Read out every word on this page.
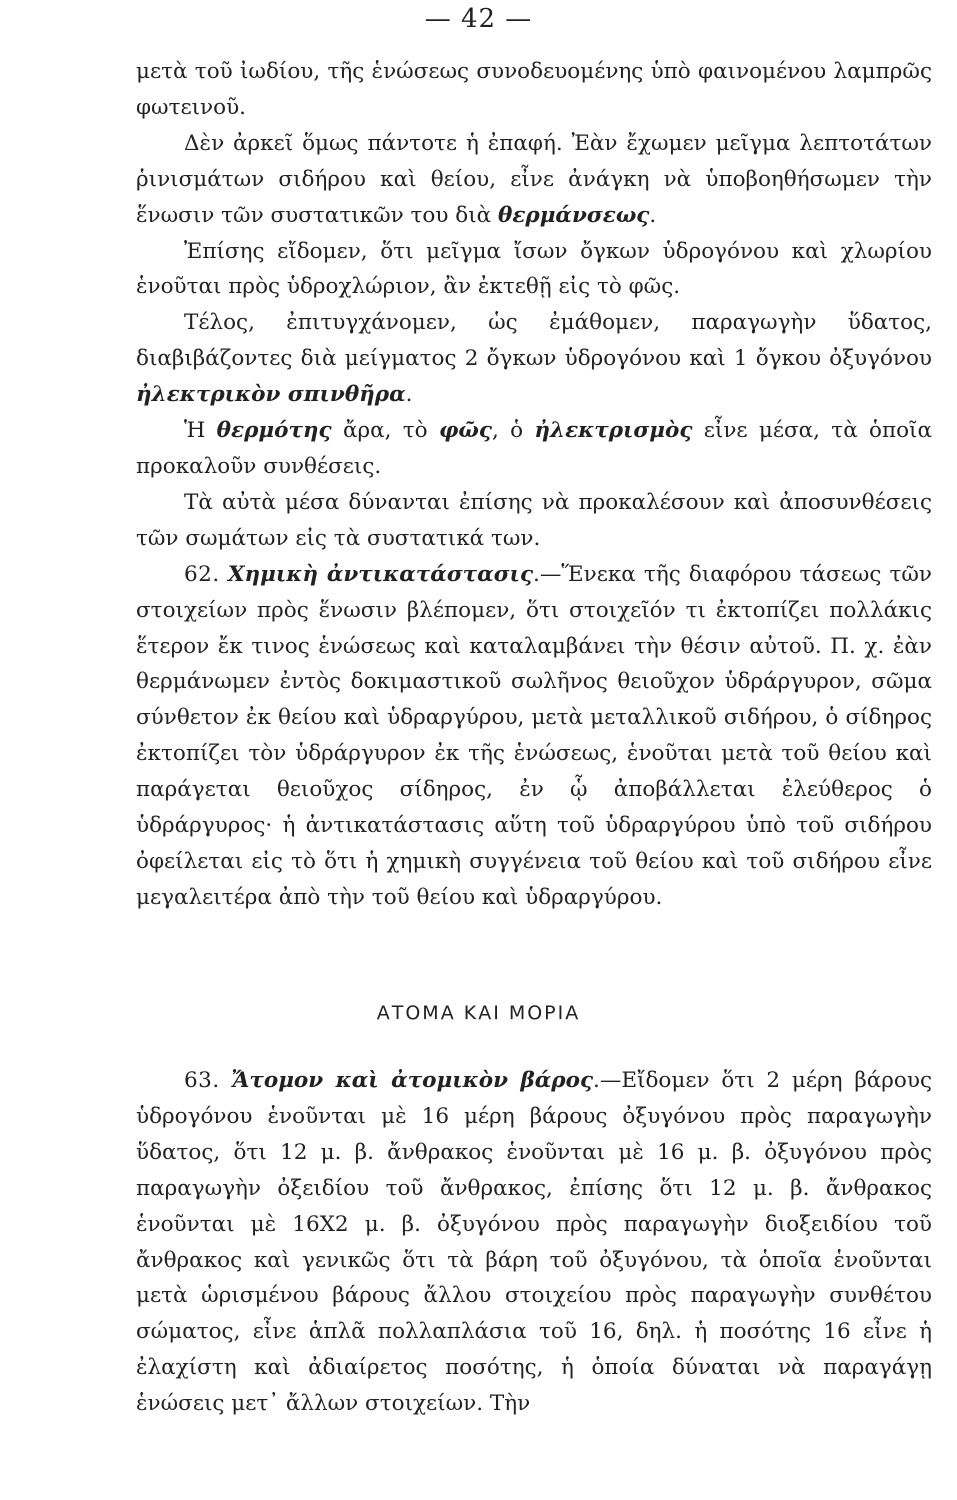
— 42 —

μετὰ τοῦ ἰωδίου, τῆς ἑνώσεως συνοδευομένης ὑπὸ φαινομένου λαμπρῶς φωτεινοῦ.

Δὲν ἀρκεῖ ὅμως πάντοτε ἡ ἐπαφή. Ἐὰν ἔχωμεν μεῖγμα λεπτοτάτων ῥινισμάτων σιδήρου καὶ θείου, εἶνε ἀνάγκη νὰ ὑποβοηθήσωμεν τὴν ἕνωσιν τῶν συστατικῶν του διὰ θερμάνσεως.

Ἐπίσης εἴδομεν, ὅτι μεῖγμα ἴσων ὄγκων ὑδρογόνου καὶ χλωρίου ἑνοῦται πρὸς ὑδροχλώριον, ἂν ἐκτεθῇ εἰς τὸ φῶς.

Τέλος, ἐπιτυγχάνομεν, ὡς ἐμάθομεν, παραγωγὴν ὕδατος, διαβιβάζοντες διὰ μείγματος 2 ὄγκων ὑδρογόνου καὶ 1 ὄγκου ὀξυγόνου ἠλεκτρικὸν σπινθῆρα.

Ἡ θερμότης ἄρα, τὸ φῶς, ὁ ἠλεκτρισμὸς εἶνε μέσα, τὰ ὁποῖα προκαλοῦν συνθέσεις.

Τὰ αὐτὰ μέσα δύνανται ἐπίσης νὰ προκαλέσουν καὶ ἀποσυνθέσεις τῶν σωμάτων εἰς τὰ συστατικά των.

62. Χημικὴ ἀντικατάστασις.—Ἕνεκα τῆς διαφόρου τάσεως τῶν στοιχείων πρὸς ἕνωσιν βλέπομεν, ὅτι στοιχεῖόν τι ἐκτοπίζει πολλάκις ἕτερον ἔκ τινος ἑνώσεως καὶ καταλαμβάνει τὴν θέσιν αὐτοῦ. Π. χ. ἐὰν θερμάνωμεν ἐντὸς δοκιμαστικοῦ σωλῆνος θειοῦχον ὑδράργυρον, σῶμα σύνθετον ἐκ θείου καὶ ὑδραργύρου, μετὰ μεταλλικοῦ σιδήρου, ὁ σίδηρος ἐκτοπίζει τὸν ὑδράργυρον ἐκ τῆς ἑνώσεως, ἑνοῦται μετὰ τοῦ θείου καὶ παράγεται θειοῦχος σίδηρος, ἐν ᾧ ἀποβάλλεται ἐλεύθερος ὁ ὑδράργυρος· ἡ ἀντικατάστασις αὕτη τοῦ ὑδραργύρου ὑπὸ τοῦ σιδήρου ὀφείλεται εἰς τὸ ὅτι ἡ χημικὴ συγγένεια τοῦ θείου καὶ τοῦ σιδήρου εἶνε μεγαλειτέρα ἀπὸ τὴν τοῦ θείου καὶ ὑδραργύρου.

ΑΤΟΜΑ ΚΑΙ ΜΟΡΙΑ

63. Ἄτομον καὶ ἀτομικὸν βάρος.—Εἴδομεν ὅτι 2 μέρη βάρους ὑδρογόνου ἑνοῦνται μὲ 16 μέρη βάρους ὀξυγόνου πρὸς παραγωγὴν ὕδατος, ὅτι 12 μ. β. ἄνθρακος ἑνοῦνται μὲ 16 μ. β. ὀξυγόνου πρὸς παραγωγὴν ὀξειδίου τοῦ ἄνθρακος, ἐπίσης ὅτι 12 μ. β. ἄνθρακος ἑνοῦνται μὲ 16Χ2 μ. β. ὀξυγόνου πρὸς παραγωγὴν διοξειδίου τοῦ ἄνθρακος καὶ γενικῶς ὅτι τὰ βάρη τοῦ ὀξυγόνου, τὰ ὁποῖα ἑνοῦνται μετὰ ὡρισμένου βάρους ἄλλου στοιχείου πρὸς παραγωγὴν συνθέτου σώματος, εἶνε ἁπλᾶ πολλαπλάσια τοῦ 16, δηλ. ἡ ποσότης 16 εἶνε ἡ ἐλαχίστη καὶ ἀδιαίρετος ποσότης, ἡ ὁποία δύναται νὰ παραγάγῃ ἑνώσεις μετ᾽ ἄλλων στοιχείων. Τὴν
